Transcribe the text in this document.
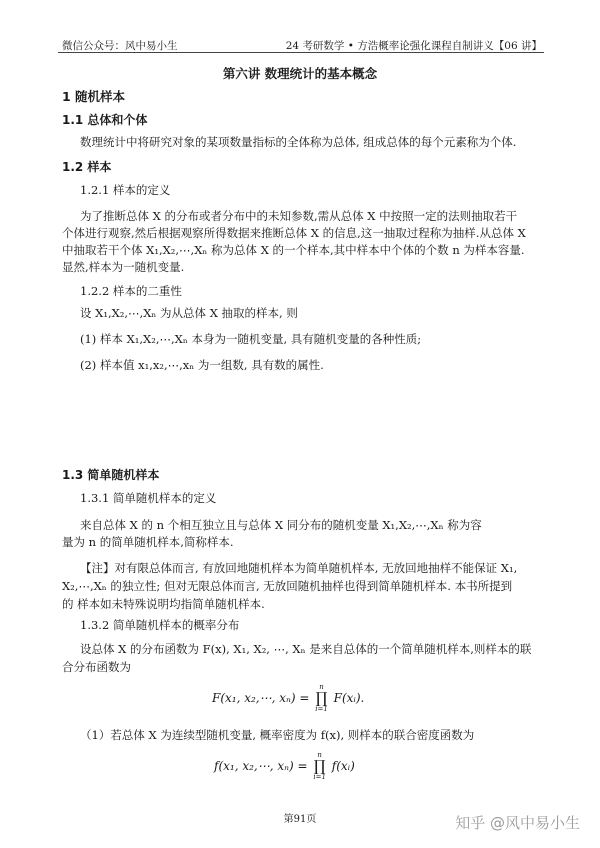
微信公众号：风中易小生	24 考研数学 • 方浩概率论强化课程自制讲义【06 讲】
第六讲 数理统计的基本概念
1 随机样本
1.1 总体和个体
数理统计中将研究对象的某项数量指标的全体称为总体, 组成总体的每个元素称为个体.
1.2 样本
1.2.1 样本的定义
为了推断总体 X 的分布或者分布中的未知参数,需从总体 X 中按照一定的法则抽取若干
个体进行观察,然后根据观察所得数据来推断总体 X 的信息,这一抽取过程称为抽样.从总体 X
中抽取若干个体 X₁,X₂,⋯,Xₙ 称为总体 X 的一个样本,其中样本中个体的个数 n 为样本容量.
显然,样本为一随机变量.
1.2.2 样本的二重性
设 X₁,X₂,⋯,Xₙ 为从总体 X 抽取的样本, 则
(1) 样本 X₁,X₂,⋯,Xₙ 本身为一随机变量, 具有随机变量的各种性质;
(2) 样本值 x₁,x₂,⋯,xₙ 为一组数, 具有数的属性.
1.3 简单随机样本
1.3.1 简单随机样本的定义
来自总体 X 的 n 个相互独立且与总体 X 同分布的随机变量 X₁,X₂,⋯,Xₙ 称为容
量为 n 的简单随机样本,简称样本.
【注】对有限总体而言, 有放回地随机样本为简单随机样本, 无放回地抽样不能保证 X₁,
X₂,⋯,Xₙ 的独立性; 但对无限总体而言, 无放回随机抽样也得到简单随机样本. 本书所提到
的 样本如未特殊说明均指简单随机样本.
1.3.2 简单随机样本的概率分布
设总体 X 的分布函数为 F(x), X₁, X₂, ⋯, Xₙ 是来自总体的一个简单随机样本,则样本的联
合分布函数为
F(x₁, x₂,⋯, xₙ) =
n
∏
i=1
F(xᵢ).
（1）若总体 X 为连续型随机变量, 概率密度为 f(x), 则样本的联合密度函数为
f(x₁, x₂,⋯, xₙ) =
n
∏
i=1
f(xᵢ)
第91页	知乎 @风中易小生
